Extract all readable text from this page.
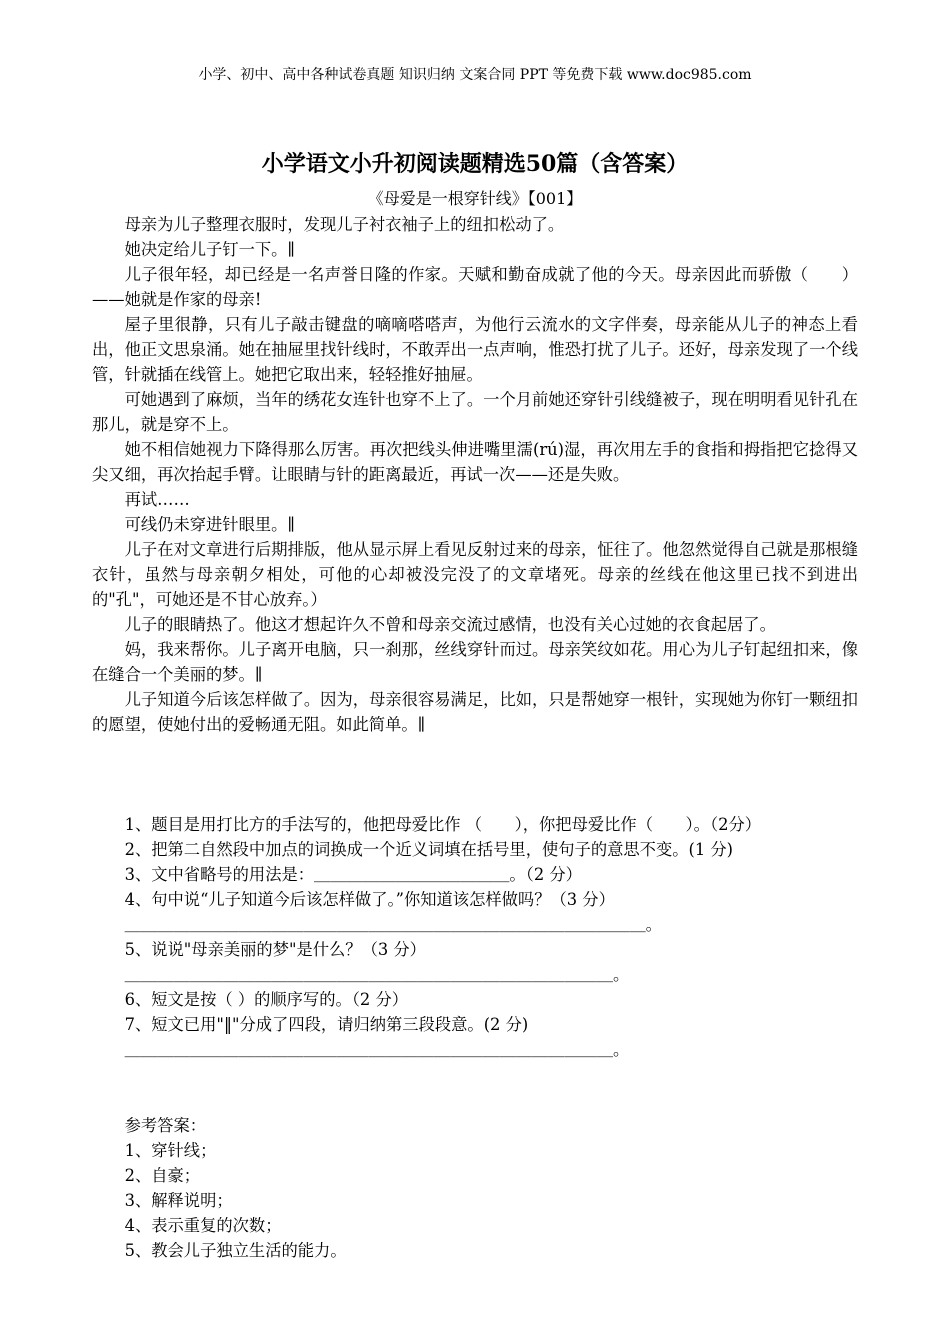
小学、初中、高中各种试卷真题 知识归纳 文案合同 PPT 等免费下载 www.doc985.com
小学语文小升初阅读题精选50篇（含答案）
《母爱是一根穿针线》【001】

母亲为儿子整理衣服时，发现儿子衬衣袖子上的纽扣松动了。

她决定给儿子钉一下。∥

儿子很年轻，却已经是一名声誉日隆的作家。天赋和勤奋成就了他的今天。母亲因此而骄傲（　　）——她就是作家的母亲!

屋子里很静，只有儿子敲击键盘的嘀嘀嗒嗒声，为他行云流水的文字伴奏，母亲能从儿子的神态上看出，他正文思泉涌。她在抽屉里找针线时，不敢弄出一点声响，惟恐打扰了儿子。还好，母亲发现了一个线管，针就插在线管上。她把它取出来，轻轻推好抽屉。

可她遇到了麻烦，当年的绣花女连针也穿不上了。一个月前她还穿针引线缝被子，现在明明看见针孔在那儿，就是穿不上。

她不相信她视力下降得那么厉害。再次把线头伸进嘴里濡(rú)湿，再次用左手的食指和拇指把它捻得又尖又细，再次抬起手臂。让眼睛与针的距离最近，再试一次——还是失败。

再试……

可线仍未穿进针眼里。∥

儿子在对文章进行后期排版，他从显示屏上看见反射过来的母亲，怔往了。他忽然觉得自己就是那根缝衣针，虽然与母亲朝夕相处，可他的心却被没完没了的文章堵死。母亲的丝线在他这里已找不到进出的"孔"，可她还是不甘心放弃。）

儿子的眼睛热了。他这才想起许久不曾和母亲交流过感情，也没有关心过她的衣食起居了。

妈，我来帮你。儿子离开电脑，只一刹那，丝线穿针而过。母亲笑纹如花。用心为儿子钉起纽扣来，像在缝合一个美丽的梦。∥

儿子知道今后该怎样做了。因为，母亲很容易满足，比如，只是帮她穿一根针，实现她为你钉一颗纽扣的愿望，使她付出的爱畅通无阻。如此简单。∥

1、题目是用打比方的手法写的，他把母爱比作 （　　），你把母爱比作（　　）。（2分）

2、把第二自然段中加点的词换成一个近义词填在括号里，使句子的意思不变。(1 分)

3、文中省略号的用法是：＿＿＿＿＿＿＿＿＿＿＿＿。（2 分）

4、句中说“儿子知道今后该怎样做了。”你知道该怎样做吗？（3 分）

＿＿＿＿＿＿＿＿＿＿＿＿＿＿＿＿＿＿＿＿＿＿＿＿＿＿＿＿＿＿＿＿。

5、说说"母亲美丽的梦"是什么？（3 分）

＿＿＿＿＿＿＿＿＿＿＿＿＿＿＿＿＿＿＿＿＿＿＿＿＿＿＿＿＿＿。

6、短文是按（ ）的顺序写的。（2 分）

7、短文已用"‖"分成了四段，请归纳第三段段意。(2 分)

＿＿＿＿＿＿＿＿＿＿＿＿＿＿＿＿＿＿＿＿＿＿＿＿＿＿＿＿＿＿。

参考答案：

1、穿针线；

2、自豪；

3、解释说明；

4、表示重复的次数；

5、教会儿子独立生活的能力。
